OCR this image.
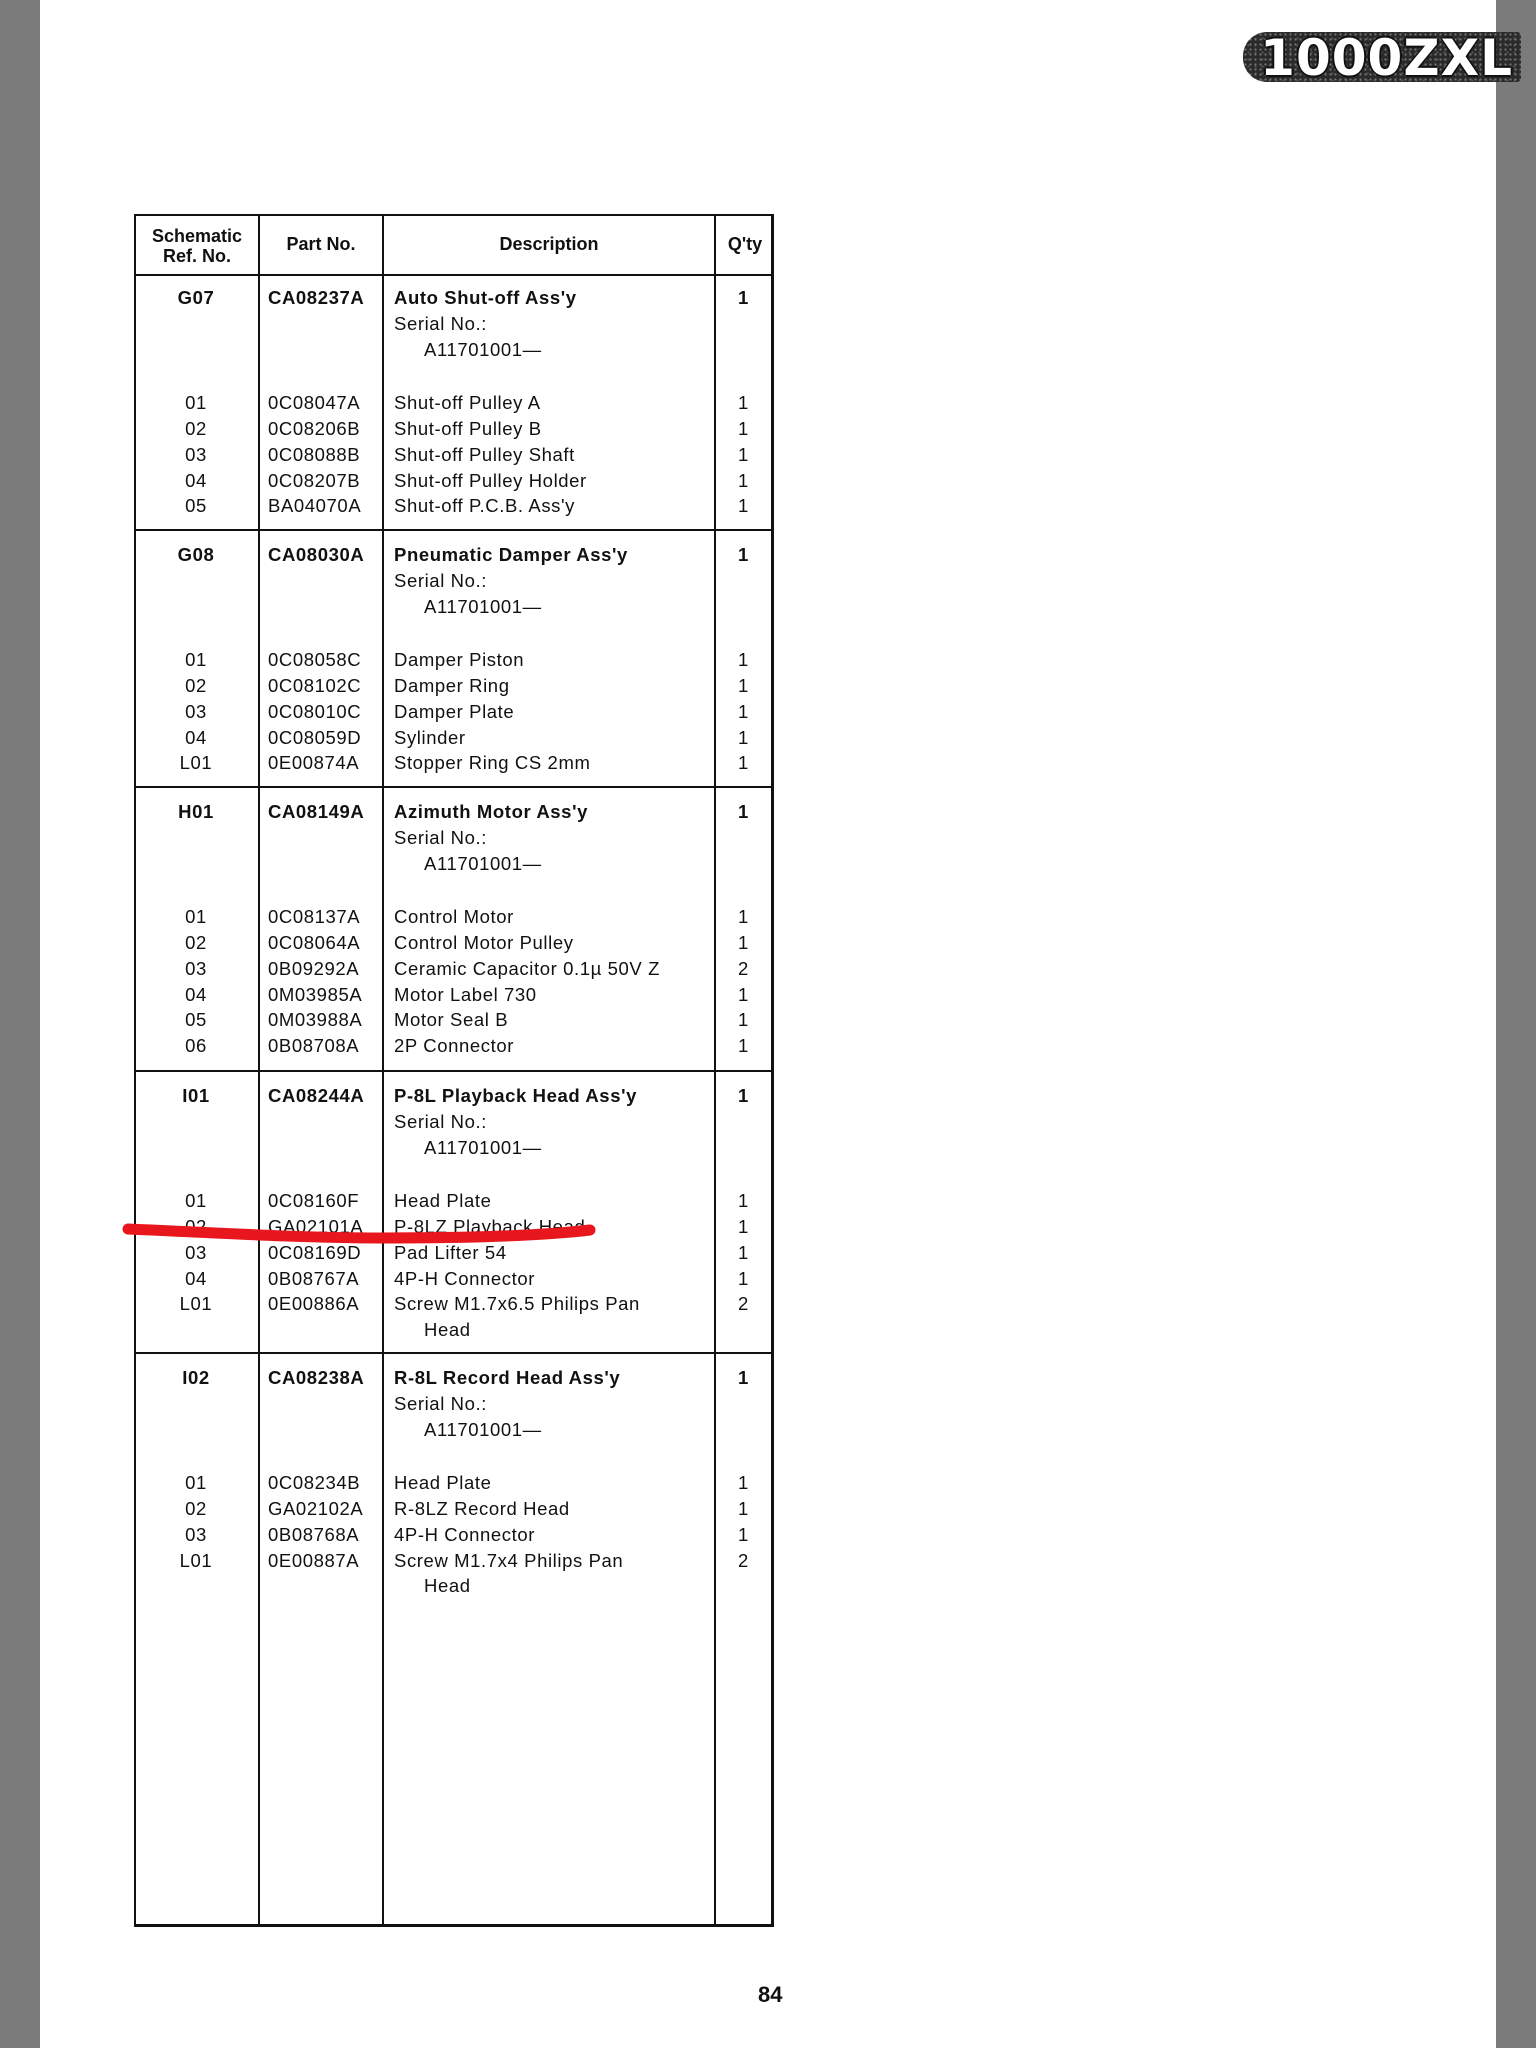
1000ZXL
Schematic Ref. No.
Part No.	Description	Q'ty
G07	CA08237A Auto Shut-off Ass'y	1
Serial No.:
A11701001—
01	0C08047A Shut-off Pulley A	1
02	0C08206B Shut-off Pulley B	1
03	0C08088B Shut-off Pulley Shaft	1
04	0C08207B Shut-off Pulley Holder	1
05	BA04070A Shut-off P.C.B. Ass'y	1
G08	CA08030A Pneumatic Damper Ass'y	1
Serial No.:
A11701001—
01	0C08058C Damper Piston	1
02	0C08102C Damper Ring	1
03	0C08010C Damper Plate	1
04	0C08059D Sylinder	1
L01	0E00874A Stopper Ring CS 2mm	1
H01	CA08149A Azimuth Motor Ass'y	1
Serial No.:
A11701001—
01	0C08137A Control Motor	1
02	0C08064A Control Motor Pulley	1
03	0B09292A Ceramic Capacitor 0.1µ 50V Z	2
04	0M03985A Motor Label 730	1
05	0M03988A Motor Seal B	1
06	0B08708A 2P Connector	1
I01	CA08244A P-8L Playback Head Ass'y	1
Serial No.:
A11701001—
01	0C08160F Head Plate	1
02	GA02101A P-8LZ Playback Head	1
03	0C08169D Pad Lifter 54	1
04	0B08767A 4P-H Connector	1
L01	0E00886A Screw M1.7x6.5 Philips Pan	2
Head
I02	CA08238A R-8L Record Head Ass'y	1
Serial No.:
A11701001—
01	0C08234B Head Plate	1
02	GA02102A R-8LZ Record Head	1
03	0B08768A 4P-H Connector	1
L01	0E00887A Screw M1.7x4 Philips Pan	2
Head
84
